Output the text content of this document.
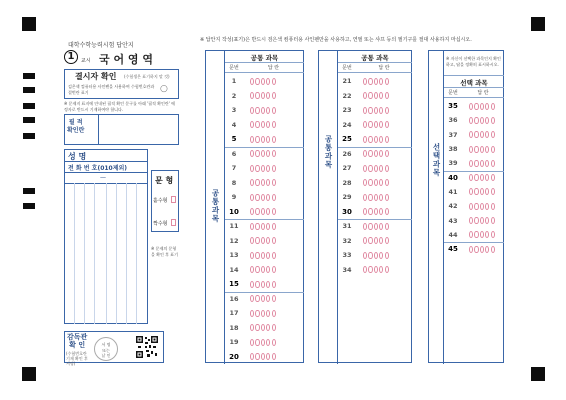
대학수학능력시험 답안지
1	교시 국 어 영 역
결시자 확인 (수험생은 표기하지 말 것)
검은색 컴퓨터용 사인펜을 사용하여 수험번호란과 결번란 표기	○
※ 문제지 표지에 안내된 필적 확인 문구를 아래 '필적 확인란' 에 정자로 반드시 기재하여야 합니다.
필 적
확인란
성 명
전 화 번 호(010제외)
—	문 형
홀수형
짝수형
※ 문제의 문형을 확인 후 표기
감독관
확 인
(수험번호란 기재 확인 후 서명)
서 명
또는
날 인
※ 답안지 작성(표기)은 반드시 검은색 컴퓨터용 사인펜만을 사용하고, 연필 또는 샤프 등의 필기구를 절대 사용하지 마십시오.
공통과목
공통 과목
문번	답 란
1
2
3
4
5
6
7
8
9
10
11
12
13
14
15
16
17
18
19
20
공통과목
공통 과목
문번	답 란
21
22
23
24
25
26
27
28
29
30
31
32
33
34
선택과목
※ 자신이 선택한 과목인지 확인하고, 답을 정확히 표시하시오.
선택 과목
문번	답 란
35
36
37
38
39
40
41
42
43
44
45
